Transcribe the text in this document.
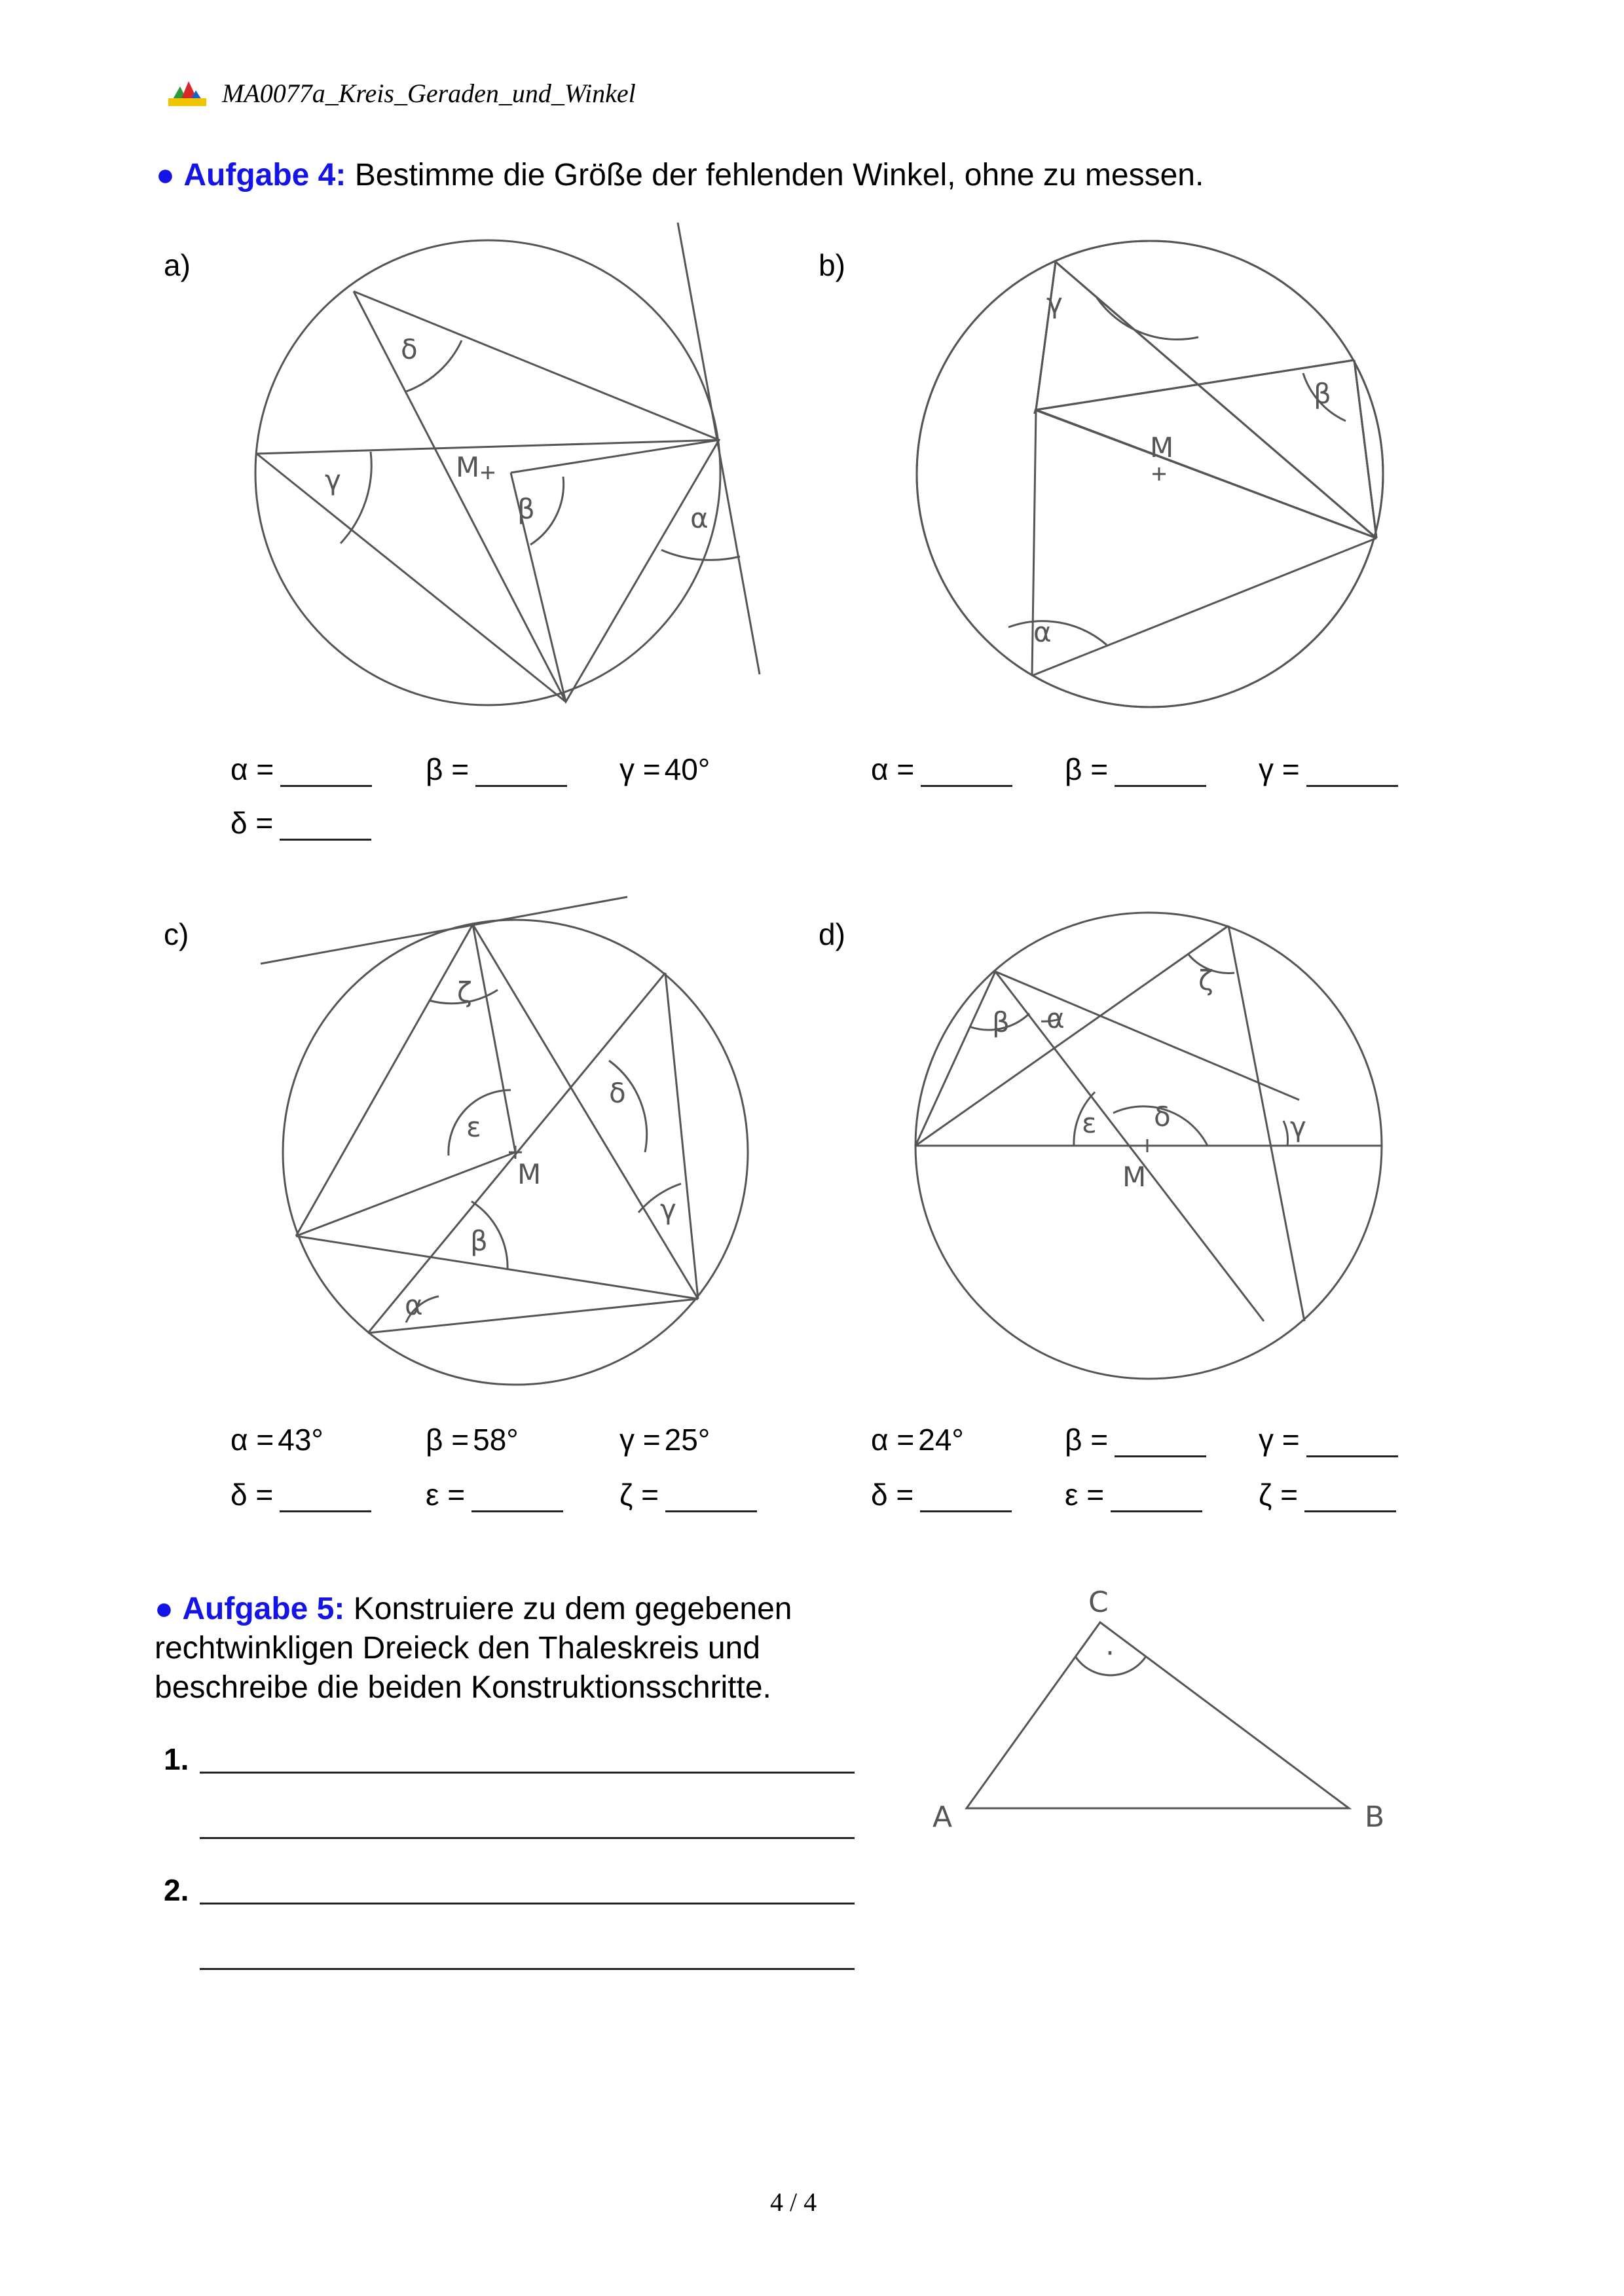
MA0077a_Kreis_Geraden_und_Winkel
● Aufgabe 4: Bestimme die Größe der fehlenden Winkel, ohne zu messen.
a)	b)
c)	d)
δ
γ
β	α
M
γ
β
α
M
ζ
ε
δ
γ
β
α
M
β α
ζ
ε δ	γ
M
α =	β =	γ = 40°
δ =
α =	β =	γ =
α = 43°	β = 58°	γ = 25°
δ =	ε =	ζ =
α = 24°	β =	γ =
δ =	ε =	ζ =
● Aufgabe 5: Konstruiere zu dem gegebenen
rechtwinkligen Dreieck den Thaleskreis und
beschreibe die beiden Konstruktionsschritte.
1.
2.
C
A	B
·
4 / 4
